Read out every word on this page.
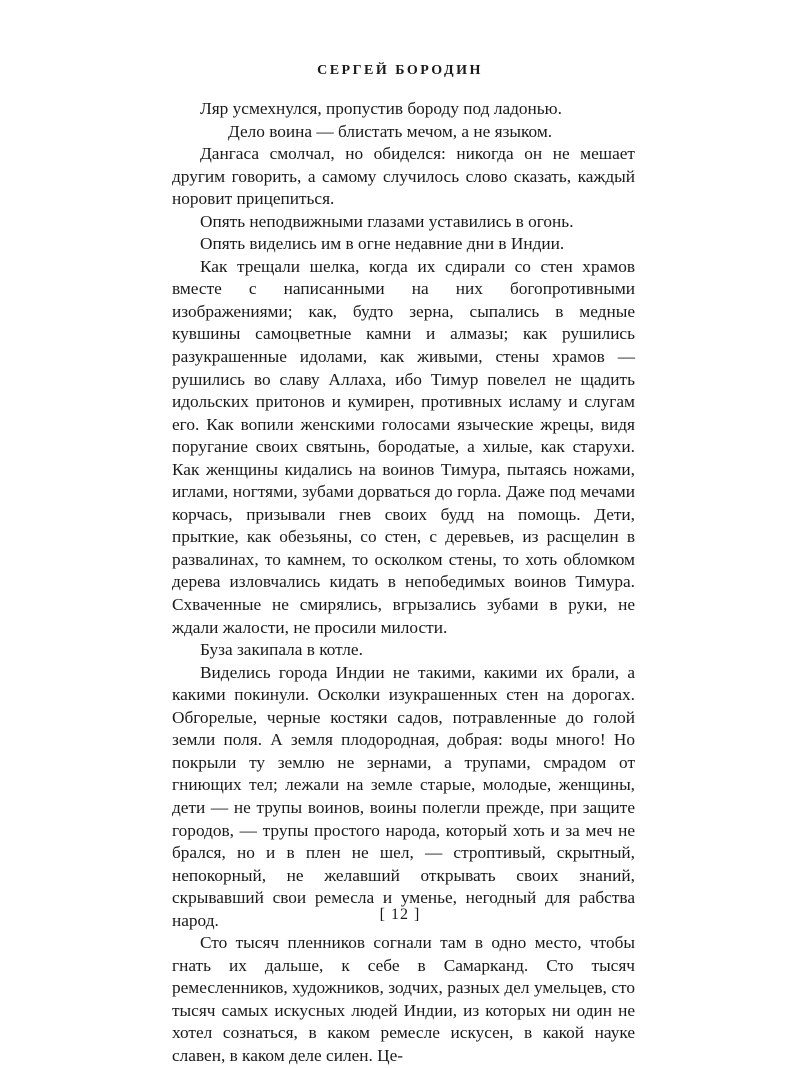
СЕРГЕЙ БОРОДИН

Ляр усмехнулся, пропустив бороду под ладонью.

Дело воина — блистать мечом, а не языком.

Дангаса смолчал, но обиделся: никогда он не мешает другим говорить, а самому случилось слово сказать, каждый норовит прицепиться.

Опять неподвижными глазами уставились в огонь.

Опять виделись им в огне недавние дни в Индии.

Как трещали шелка, когда их сдирали со стен храмов вместе с написанными на них богопротивными изображениями; как, будто зерна, сыпались в медные кувшины самоцветные камни и алмазы; как рушились разукрашенные идолами, как живыми, стены храмов — рушились во славу Аллаха, ибо Тимур повелел не щадить идольских притонов и кумирен, противных исламу и слугам его. Как вопили женскими голосами языческие жрецы, видя поругание своих святынь, бородатые, а хилые, как старухи. Как женщины кидались на воинов Тимура, пытаясь ножами, иглами, ногтями, зубами дорваться до горла. Даже под мечами корчась, призывали гнев своих будд на помощь. Дети, прыткие, как обезьяны, со стен, с деревьев, из расщелин в развалинах, то камнем, то осколком стены, то хоть обломком дерева изловчались кидать в непобедимых воинов Тимура. Схваченные не смирялись, вгрызались зубами в руки, не ждали жалости, не просили милости.

Буза закипала в котле.

Виделись города Индии не такими, какими их брали, а какими покинули. Осколки изукрашенных стен на дорогах. Обгорелые, черные костяки садов, потравленные до голой земли поля. А земля плодородная, добрая: воды много! Но покрыли ту землю не зернами, а трупами, смрадом от гниющих тел; лежали на земле старые, молодые, женщины, дети — не трупы воинов, воины полегли прежде, при защите городов, — трупы простого народа, который хоть и за меч не брался, но и в плен не шел, — строптивый, скрытный, непокорный, не желавший открывать своих знаний, скрывавший свои ремесла и уменье, негодный для рабства народ.

Сто тысяч пленников согнали там в одно место, чтобы гнать их дальше, к себе в Самарканд. Сто тысяч ремесленников, художников, зодчих, разных дел умельцев, сто тысяч самых искусных людей Индии, из которых ни один не хотел сознаться, в каком ремесле искусен, в какой науке славен, в каком деле силен. Це-

[ 12 ]
